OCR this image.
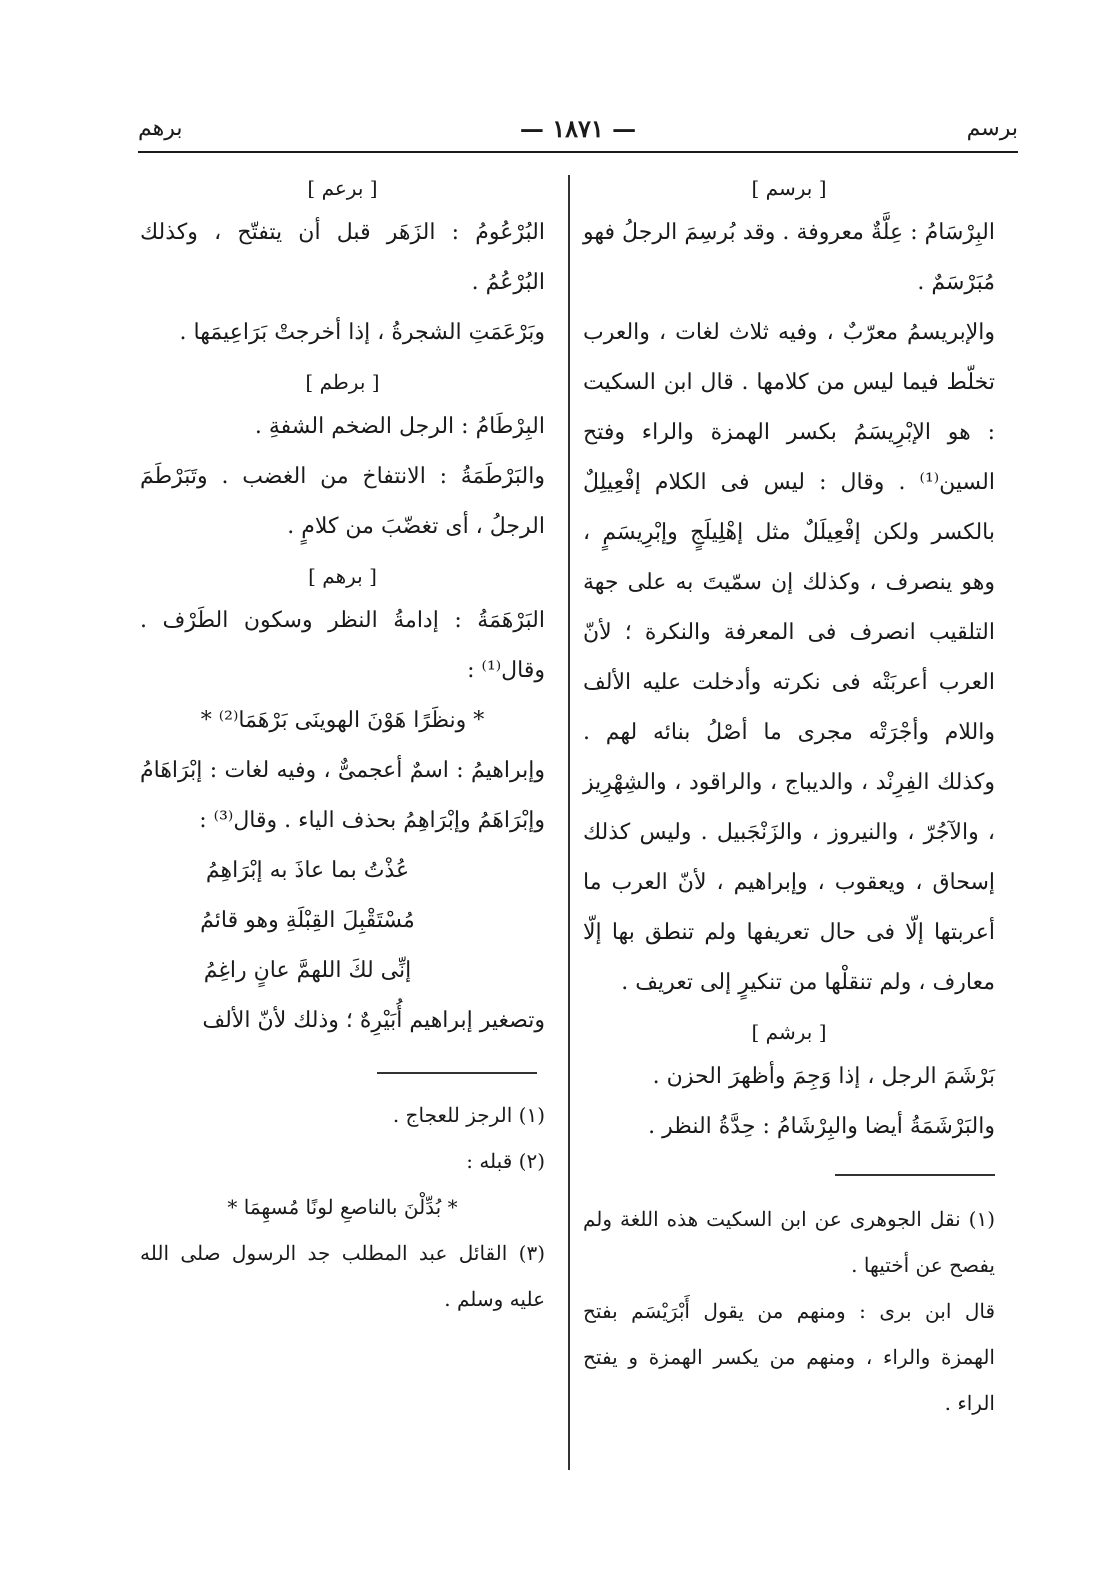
برسم
— ١٨٧١ —
برهم

[ برسم ]

البِرْسَامُ : عِلَّةٌ معروفة . وقد بُرسِمَ الرجلُ فهو مُبَرْسَمٌ .

والإبريسمُ معرّبٌ ، وفيه ثلاث لغات ، والعرب تخلّط فيما ليس من كلامها . قال ابن السكيت : هو الإبْرِيسَمُ بكسر الهمزة والراء وفتح السين⁽¹⁾ . وقال : ليس فى الكلام إفْعِيلِلٌ بالكسر ولكن إفْعِيلَلٌ مثل إهْلِيلَجٍ وإبْرِيسَمٍ ، وهو ينصرف ، وكذلك إن سمّيتَ به على جهة التلقيب انصرف فى المعرفة والنكرة ؛ لأنّ العرب أعربَتْه فى نكرته وأدخلت عليه الألف واللام وأجْرَتْه مجرى ما أصْلُ بنائه لهم . وكذلك الفِرِنْد ، والديباج ، والراقود ، والشِهْرِيز ، والآجُرّ ، والنيروز ، والزَنْجَبيل . وليس كذلك إسحاق ، ويعقوب ، وإبراهيم ، لأنّ العرب ما أعربتها إلّا فى حال تعريفها ولم تنطق بها إلّا معارف ، ولم تنقلْها من تنكيرٍ إلى تعريف .

[ برشم ]

بَرْشَمَ الرجل ، إذا وَجِمَ وأظهرَ الحزن .

والبَرْشَمَةُ أيضا والبِرْشَامُ : حِدَّةُ النظر .

(١) نقل الجوهرى عن ابن السكيت هذه اللغة ولم يفصح عن أختيها .

قال ابن برى : ومنهم من يقول أَبْرَيْسَم بفتح الهمزة والراء ، ومنهم من يكسر الهمزة و يفتح الراء .

[ برعم ]

البُرْعُومُ : الزَهَر قبل أن يتفتّح ، وكذلك البُرْعُمُ .

وبَرْعَمَتِ الشجرةُ ، إذا أخرجتْ بَرَاعِيمَها .

[ برطم ]

البِرْطَامُ : الرجل الضخم الشفةِ .

والبَرْطَمَةُ : الانتفاخ من الغضب . وتَبَرْطَمَ الرجلُ ، أى تغضّبَ من كلامٍ .

[ برهم ]

البَرْهَمَةُ : إدامةُ النظر وسكون الطَرْف . وقال⁽¹⁾ :

* ونظَرًا هَوْنَ الهوينَى بَرْهَمَا⁽²⁾ *

وإبراهيمُ : اسمٌ أعجمىٌّ ، وفيه لغات : إبْرَاهَامُ وإبْرَاهَمُ وإبْرَاهِمُ بحذف الياء . وقال⁽³⁾ :

عُذْتُ بما عاذَ به إبْرَاهِمُ

مُسْتَقْبِلَ القِبْلَةِ وهو قائمُ

إنِّى لكَ اللهمَّ عانٍ راغِمُ

وتصغير إبراهيم أُبَيْرِهٌ ؛ وذلك لأنّ الألف

(١) الرجز للعجاج .

(٢) قبله :

* بُدِّلْنَ بالناصعِ لونًا مُسهِمَا *

(٣) القائل عبد المطلب جد الرسول صلى الله عليه وسلم .
